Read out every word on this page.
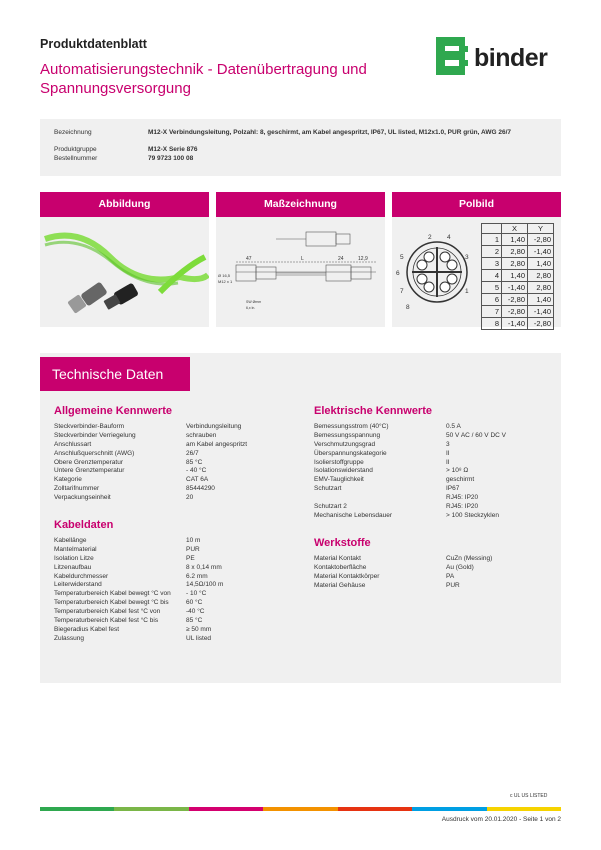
Produktdatenblatt
Automatisierungstechnik - Datenübertragung und Spannungsversorgung
binder
Bezeichnung	M12-X Verbindungsleitung, Polzahl: 8, geschirmt, am Kabel angespritzt, IP67, UL listed, M12x1.0, PUR grün, AWG 26/7
Produktgruppe	M12-X Serie 876
Bestellnummer	79 9723 100 08
Abbildung	Maßzeichnung
47	L	24	12,9
Ø 16,5
M12 x 1
SW Ømm
6,x ln.
Polbild
2 4
3
5
6
7	1
8
	X	Y
1	1,40	-2,80
2	2,80	-1,40
3	2,80	1,40
4	1,40	2,80
5	-1,40	2,80
6	-2,80	1,40
7	-2,80	-1,40
8	-1,40	-2,80
Technische Daten
Allgemeine Kennwerte
Steckverbinder-Bauform	Verbindungsleitung
Steckverbinder Verriegelung	schrauben
Anschlussart	am Kabel angespritzt
Anschlußquerschnitt (AWG)	26/7
Obere Grenztemperatur	85 °C
Untere Grenztemperatur	- 40 °C
Kategorie	CAT 6A
Zolltarifnummer	85444290
Verpackungseinheit	20
Kabeldaten
Kabellänge	10 m
Mantelmaterial	PUR
Isolation Litze	PE
Litzenaufbau	8 x 0,14 mm
Kabeldurchmesser	6.2 mm
Leiterwiderstand	14,5Ω/100 m
Temperaturbereich Kabel bewegt °C von - 10 °C
Temperaturbereich Kabel bewegt °C bis	60 °C
Temperaturbereich Kabel fest °C von	-40 °C
Temperaturbereich Kabel fest °C bis	85 °C
Biegeradius Kabel fest	≥ 50 mm
Zulassung	UL listed
Elektrische Kennwerte
Bemessungsstrom (40°C)	0.5 A
Bemessungsspannung	50 V AC / 60 V DC V
Verschmutzungsgrad	3
Überspannungskategorie	II
Isolierstoffgruppe	II
Isolationswiderstand	> 10⁸ Ω
EMV-Tauglichkeit	geschirmt
Schutzart	IP67
RJ45: IP20
Schutzart 2	RJ45: IP20
Mechanische Lebensdauer	> 100 Steckzyklen
Werkstoffe
Material Kontakt	CuZn (Messing)
Kontaktoberfläche	Au (Gold)
Material Kontaktkörper	PA
Material Gehäuse	PUR
c UL US LISTED
Ausdruck vom 20.01.2020 - Seite 1 von 2
